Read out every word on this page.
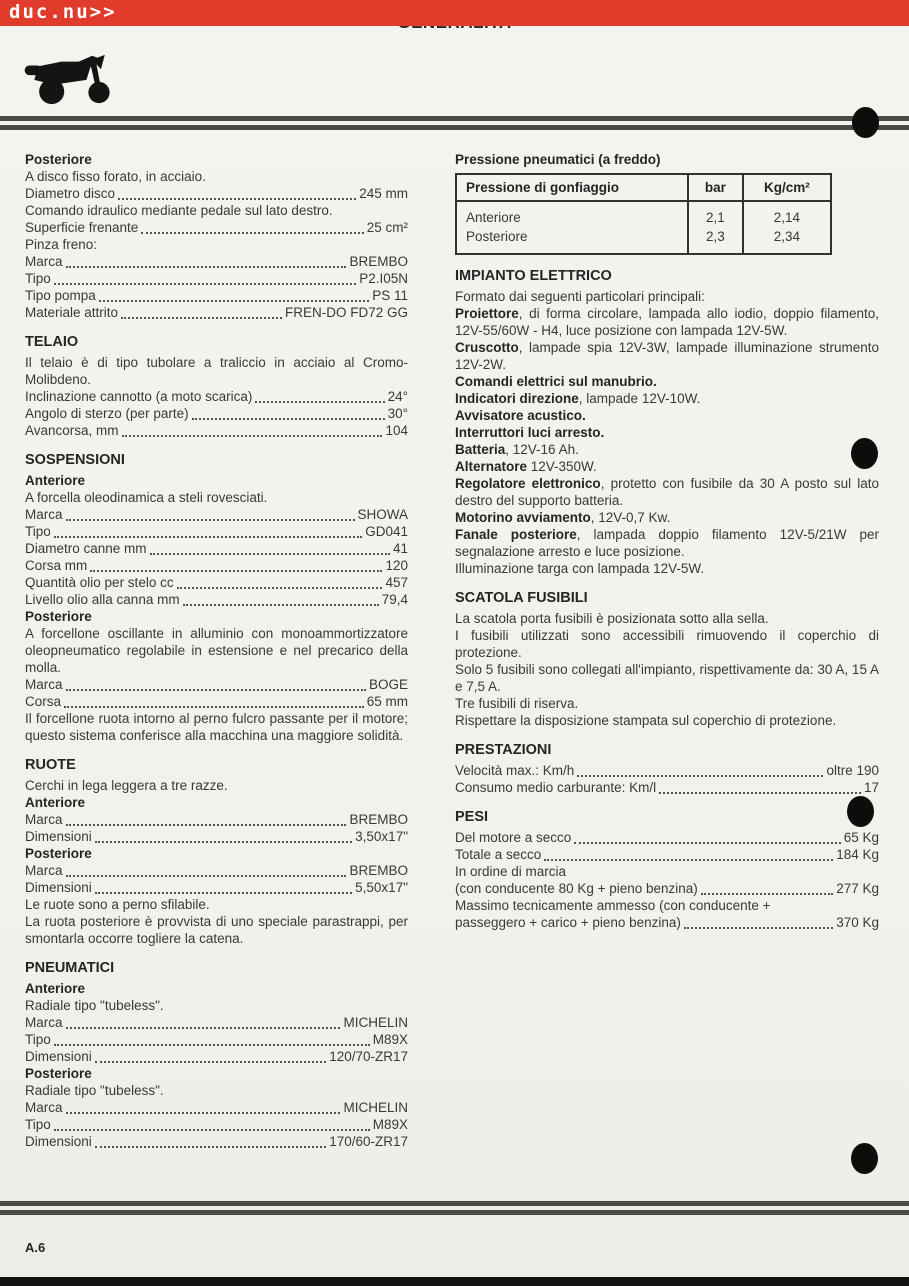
duc.nu>>
Posteriore

A disco fisso forato, in acciaio.

Diametro disco	245 mm

Comando idraulico mediante pedale sul lato destro.

Superficie frenante	25 cm²

Pinza freno:

Marca	BREMBO
Tipo	P2.I05N
Tipo pompa	PS 11
Materiale attrito	FREN-DO FD72 GG
TELAIO

Il telaio è di tipo tubolare a traliccio in acciaio al Cromo-Molibdeno.

Inclinazione cannotto (a moto scarica)	24°
Angolo di sterzo (per parte)	30°
Avancorsa, mm	104
SOSPENSIONI
Anteriore

A forcella oleodinamica a steli rovesciati.

Marca	SHOWA
Tipo	GD041
Diametro canne mm	41
Corsa mm	120
Quantità olio per stelo cc	457
Livello olio alla canna mm	79,4
Posteriore

A forcellone oscillante in alluminio con monoammortizzatore oleopneumatico regolabile in estensione e nel precarico della molla.

Marca	BOGE
Corsa	65 mm

Il forcellone ruota intorno al perno fulcro passante per il motore; questo sistema conferisce alla macchina una maggiore solidità.

RUOTE

Cerchi in lega leggera a tre razze.

Anteriore
Marca	BREMBO
Dimensioni	3,50x17"
Posteriore
Marca	BREMBO
Dimensioni	5,50x17"

Le ruote sono a perno sfilabile.

La ruota posteriore è provvista di uno speciale parastrappi, per smontarla occorre togliere la catena.

PNEUMATICI
Anteriore

Radiale tipo "tubeless".

Marca	MICHELIN
Tipo	M89X
Dimensioni	120/70-ZR17
Posteriore

Radiale tipo "tubeless".

Marca	MICHELIN
Tipo	M89X
Dimensioni	170/60-ZR17
Pressione pneumatici (a freddo)
Pressione di gonfiaggio	bar	Kg/cm²
Anteriore	2,1	2,14
Posteriore	2,3	2,34
IMPIANTO ELETTRICO

Formato dai seguenti particolari principali:

Proiettore, di forma circolare, lampada allo iodio, doppio filamento, 12V-55/60W - H4, luce posizione con lampada 12V-5W.

Cruscotto, lampade spia 12V-3W, lampade illuminazione strumento 12V-2W.

Comandi elettrici sul manubrio.

Indicatori direzione, lampade 12V-10W.

Avvisatore acustico.

Interruttori luci arresto.

Batteria, 12V-16 Ah.

Alternatore 12V-350W.

Regolatore elettronico, protetto con fusibile da 30 A posto sul lato destro del supporto batteria.

Motorino avviamento, 12V-0,7 Kw.

Fanale posteriore, lampada doppio filamento 12V-5/21W per segnalazione arresto e luce posizione.

Illuminazione targa con lampada 12V-5W.

SCATOLA FUSIBILI

La scatola porta fusibili è posizionata sotto alla sella.

I fusibili utilizzati sono accessibili rimuovendo il coperchio di protezione.

Solo 5 fusibili sono collegati all'impianto, rispettivamente da: 30 A, 15 A e 7,5 A.

Tre fusibili di riserva.

Rispettare la disposizione stampata sul coperchio di protezione.

PRESTAZIONI
Velocità max.: Km/h	oltre 190
Consumo medio carburante: Km/l	17
PESI
Del motore a secco	65 Kg
Totale a secco	184 Kg

In ordine di marcia

(con conducente 80 Kg + pieno benzina)	277 Kg

Massimo tecnicamente ammesso (con conducente +

passeggero + carico + pieno benzina)	370 Kg
A.6
